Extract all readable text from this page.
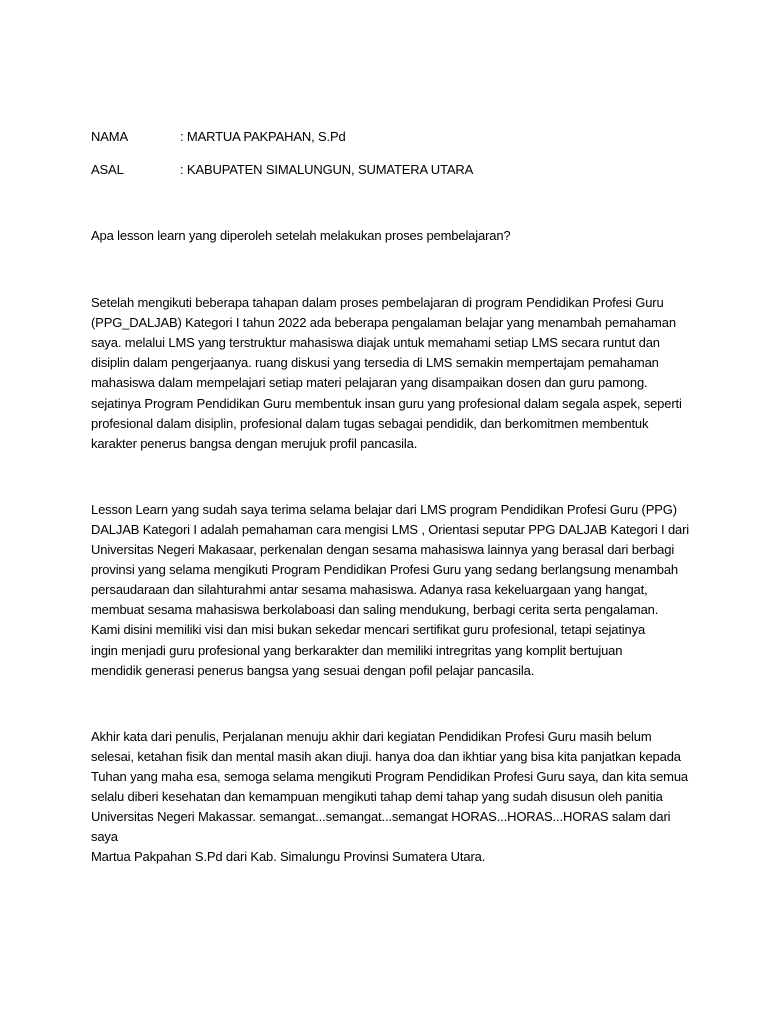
NAMA	: MARTUA PAKPAHAN, S.Pd
ASAL	: KABUPATEN SIMALUNGUN, SUMATERA UTARA
Apa lesson learn yang diperoleh setelah melakukan proses pembelajaran?
Setelah mengikuti beberapa tahapan dalam proses pembelajaran di program Pendidikan Profesi Guru
(PPG_DALJAB) Kategori I tahun 2022 ada beberapa pengalaman belajar yang menambah pemahaman
saya. melalui LMS yang terstruktur mahasiswa diajak untuk memahami setiap LMS secara runtut dan
disiplin dalam pengerjaanya. ruang diskusi yang tersedia di LMS semakin mempertajam pemahaman
mahasiswa dalam mempelajari setiap materi pelajaran yang disampaikan dosen dan guru pamong.
sejatinya Program Pendidikan Guru membentuk insan guru yang profesional dalam segala aspek, seperti
profesional dalam disiplin, profesional dalam tugas sebagai pendidik, dan berkomitmen membentuk
karakter penerus bangsa dengan merujuk profil pancasila.
Lesson Learn yang sudah saya terima selama belajar dari LMS program Pendidikan Profesi Guru (PPG)
DALJAB Kategori I adalah pemahaman cara mengisi LMS , Orientasi seputar PPG DALJAB Kategori I dari
Universitas Negeri Makasaar, perkenalan dengan sesama mahasiswa lainnya yang berasal dari berbagi
provinsi yang selama mengikuti Program Pendidikan Profesi Guru yang sedang berlangsung menambah
persaudaraan dan silahturahmi antar sesama mahasiswa. Adanya rasa kekeluargaan yang hangat,
membuat sesama mahasiswa berkolaboasi dan saling mendukung, berbagi cerita serta pengalaman.
Kami disini memiliki visi dan misi bukan sekedar mencari sertifikat guru profesional, tetapi sejatinya
ingin menjadi guru profesional yang berkarakter dan memiliki intregritas yang komplit bertujuan
mendidik generasi penerus bangsa yang sesuai dengan pofil pelajar pancasila.
Akhir kata dari penulis, Perjalanan menuju akhir dari kegiatan Pendidikan Profesi Guru masih belum
selesai, ketahan fisik dan mental masih akan diuji. hanya doa dan ikhtiar yang bisa kita panjatkan kepada
Tuhan yang maha esa, semoga selama mengikuti Program Pendidikan Profesi Guru saya, dan kita semua
selalu diberi kesehatan dan kemampuan mengikuti tahap demi tahap yang sudah disusun oleh panitia
Universitas Negeri Makassar. semangat...semangat...semangat HORAS...HORAS...HORAS salam dari saya
Martua Pakpahan S.Pd dari Kab. Simalungu Provinsi Sumatera Utara.
